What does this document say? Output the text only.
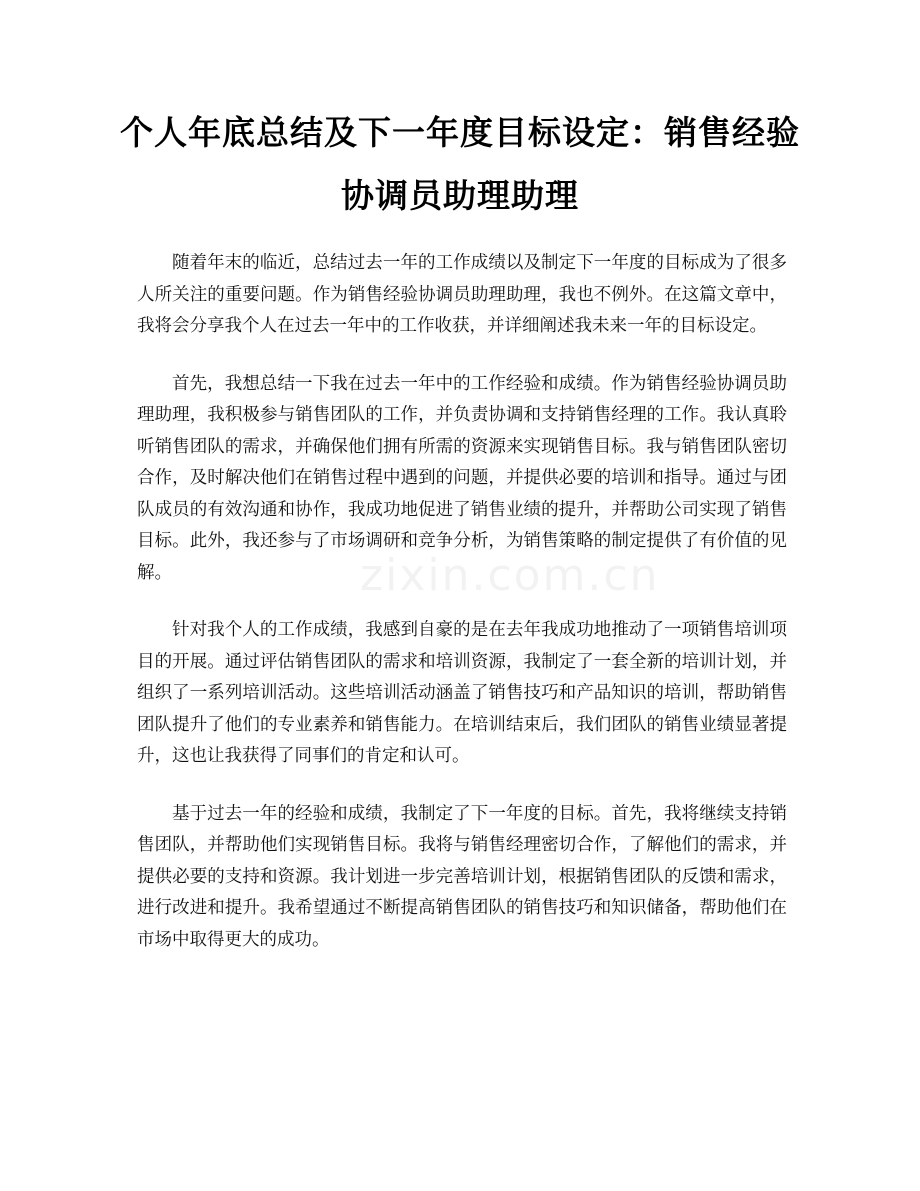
zixin.com.cn
个人年底总结及下一年度目标设定：销售经验协调员助理助理

随着年末的临近，总结过去一年的工作成绩以及制定下一年度的目标成为了很多人所关注的重要问题。作为销售经验协调员助理助理，我也不例外。在这篇文章中，我将会分享我个人在过去一年中的工作收获，并详细阐述我未来一年的目标设定。

首先，我想总结一下我在过去一年中的工作经验和成绩。作为销售经验协调员助理助理，我积极参与销售团队的工作，并负责协调和支持销售经理的工作。我认真聆听销售团队的需求，并确保他们拥有所需的资源来实现销售目标。我与销售团队密切合作，及时解决他们在销售过程中遇到的问题，并提供必要的培训和指导。通过与团队成员的有效沟通和协作，我成功地促进了销售业绩的提升，并帮助公司实现了销售目标。此外，我还参与了市场调研和竞争分析，为销售策略的制定提供了有价值的见解。

针对我个人的工作成绩，我感到自豪的是在去年我成功地推动了一项销售培训项目的开展。通过评估销售团队的需求和培训资源，我制定了一套全新的培训计划，并组织了一系列培训活动。这些培训活动涵盖了销售技巧和产品知识的培训，帮助销售团队提升了他们的专业素养和销售能力。在培训结束后，我们团队的销售业绩显著提升，这也让我获得了同事们的肯定和认可。

基于过去一年的经验和成绩，我制定了下一年度的目标。首先，我将继续支持销售团队，并帮助他们实现销售目标。我将与销售经理密切合作，了解他们的需求，并提供必要的支持和资源。我计划进一步完善培训计划，根据销售团队的反馈和需求，进行改进和提升。我希望通过不断提高销售团队的销售技巧和知识储备，帮助他们在市场中取得更大的成功。
